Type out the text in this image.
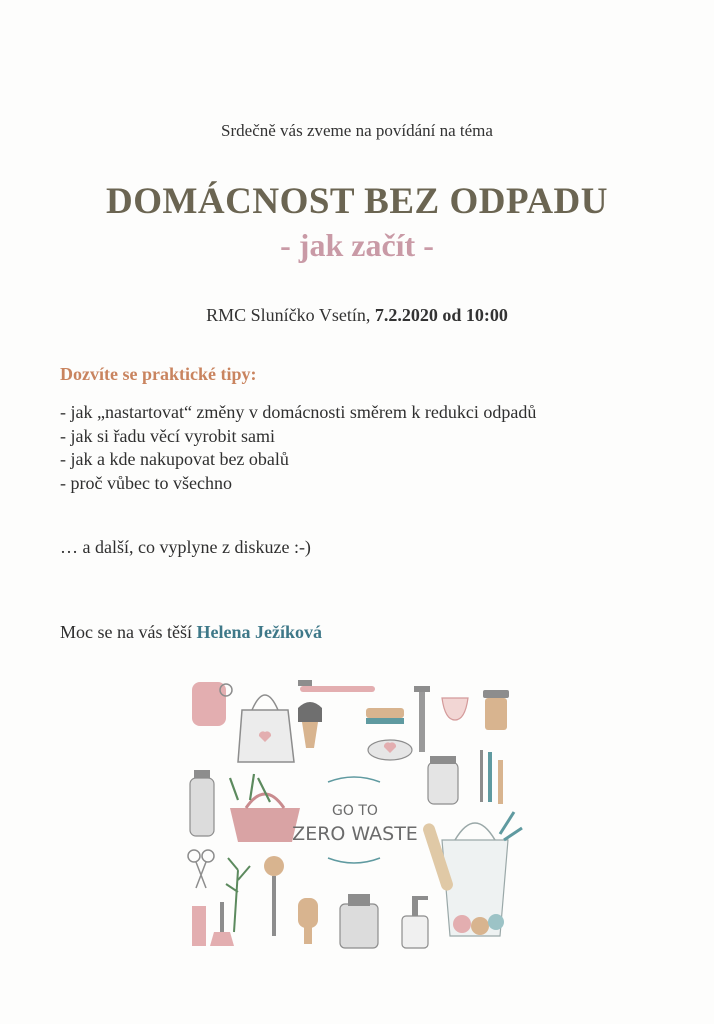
Srdečně vás zveme na povídání na téma
DOMÁCNOST BEZ ODPADU
- jak začít -
RMC Sluníčko Vsetín, 7.2.2020 od 10:00
Dozvíte se praktické tipy:
- jak „nastartovat“ změny v domácnosti směrem k redukci odpadů
- jak si řadu věcí vyrobit sami
- jak a kde nakupovat bez obalů
- proč vůbec to všechno
… a další, co vyplyne z diskuze :-)
Moc se na vás těší Helena Ježíková
GO TO
ZERO WASTE
